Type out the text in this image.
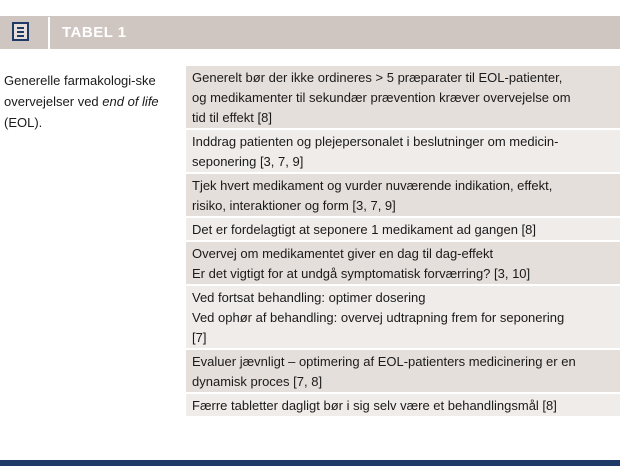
TABEL 1
Generelle farmakologi-ske overvejelser ved end of life (EOL).
Generelt bør der ikke ordineres > 5 præparater til EOL-patienter,
og medikamenter til sekundær prævention kræver overvejelse om
tid til effekt [8]
Inddrag patienten og plejepersonalet i beslutninger om medicin-
seponering [3, 7, 9]
Tjek hvert medikament og vurder nuværende indikation, effekt,
risiko, interaktioner og form [3, 7, 9]
Det er fordelagtigt at seponere 1 medikament ad gangen [8]
Overvej om medikamentet giver en dag til dag-effekt
Er det vigtigt for at undgå symptomatisk forværring? [3, 10]
Ved fortsat behandling: optimer dosering
Ved ophør af behandling: overvej udtrapning frem for seponering
[7]
Evaluer jævnligt – optimering af EOL-patienters medicinering er en
dynamisk proces [7, 8]
Færre tabletter dagligt bør i sig selv være et behandlingsmål [8]
